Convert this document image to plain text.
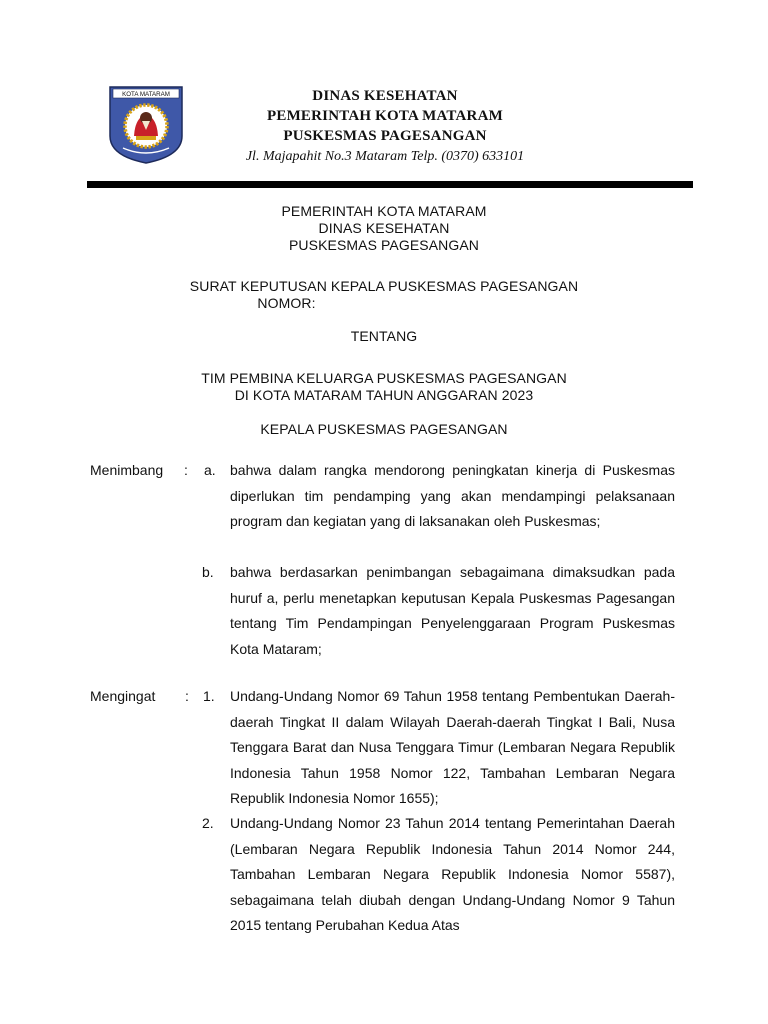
KOTA MATARAM	DINAS KESEHATAN
PEMERINTAH KOTA MATARAM
PUSKESMAS PAGESANGAN
Jl. Majapahit No.3 Mataram Telp. (0370) 633101
PEMERINTAH KOTA MATARAM
DINAS KESEHATAN
PUSKESMAS PAGESANGAN
SURAT KEPUTUSAN KEPALA PUSKESMAS PAGESANGAN
NOMOR:
TENTANG
TIM PEMBINA KELUARGA PUSKESMAS PAGESANGAN
DI KOTA MATARAM TAHUN ANGGARAN 2023
KEPALA PUSKESMAS PAGESANGAN
Menimbang : a. bahwa dalam rangka mendorong peningkatan kinerja di Puskesmas diperlukan tim pendamping yang akan mendampingi pelaksanaan program dan kegiatan yang di laksanakan oleh Puskesmas;
b. bahwa berdasarkan penimbangan sebagaimana dimaksudkan pada huruf a, perlu menetapkan keputusan Kepala Puskesmas Pagesangan tentang Tim Pendampingan Penyelenggaraan Program Puskesmas Kota Mataram;
Mengingat : 1. Undang-Undang Nomor 69 Tahun 1958 tentang Pembentukan Daerah-daerah Tingkat II dalam Wilayah Daerah-daerah Tingkat I Bali, Nusa Tenggara Barat dan Nusa Tenggara Timur (Lembaran Negara Republik Indonesia Tahun 1958 Nomor 122, Tambahan Lembaran Negara Republik Indonesia Nomor 1655);
2. Undang-Undang Nomor 23 Tahun 2014 tentang Pemerintahan Daerah (Lembaran Negara Republik Indonesia Tahun 2014 Nomor 244, Tambahan Lembaran Negara Republik Indonesia Nomor 5587), sebagaimana telah diubah dengan Undang-Undang Nomor 9 Tahun 2015 tentang Perubahan Kedua Atas
